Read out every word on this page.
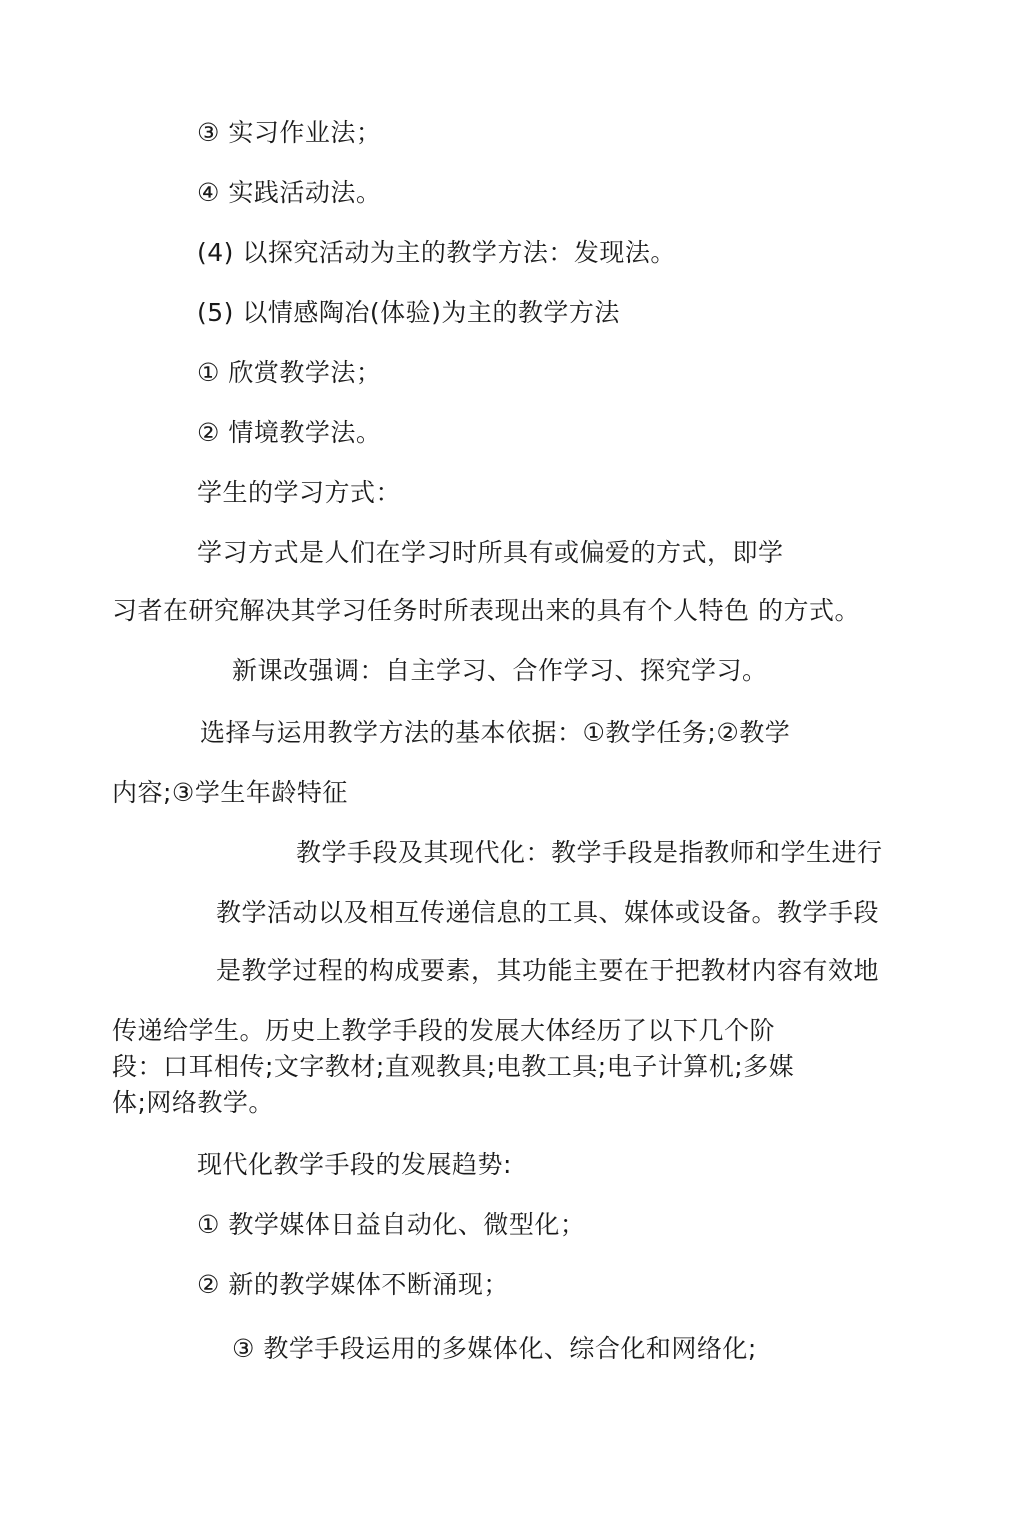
③ 实习作业法；
④ 实践活动法。
(4) 以探究活动为主的教学方法：发现法。
(5) 以情感陶冶(体验)为主的教学方法
① 欣赏教学法；
② 情境教学法。
学生的学习方式：
学习方式是人们在学习时所具有或偏爱的方式，即学
习者在研究解决其学习任务时所表现出来的具有个人特色 的方式。
新课改强调：自主学习、合作学习、探究学习。
选择与运用教学方法的基本依据：①教学任务;②教学
内容;③学生年龄特征
教学手段及其现代化：教学手段是指教师和学生进行
教学活动以及相互传递信息的工具、媒体或设备。教学手段
是教学过程的构成要素，其功能主要在于把教材内容有效地
传递给学生。历史上教学手段的发展大体经历了以下几个阶
段：口耳相传;文字教材;直观教具;电教工具;电子计算机;多媒
体;网络教学。
现代化教学手段的发展趋势:
① 教学媒体日益自动化、微型化；
② 新的教学媒体不断涌现；
③ 教学手段运用的多媒体化、综合化和网络化;
